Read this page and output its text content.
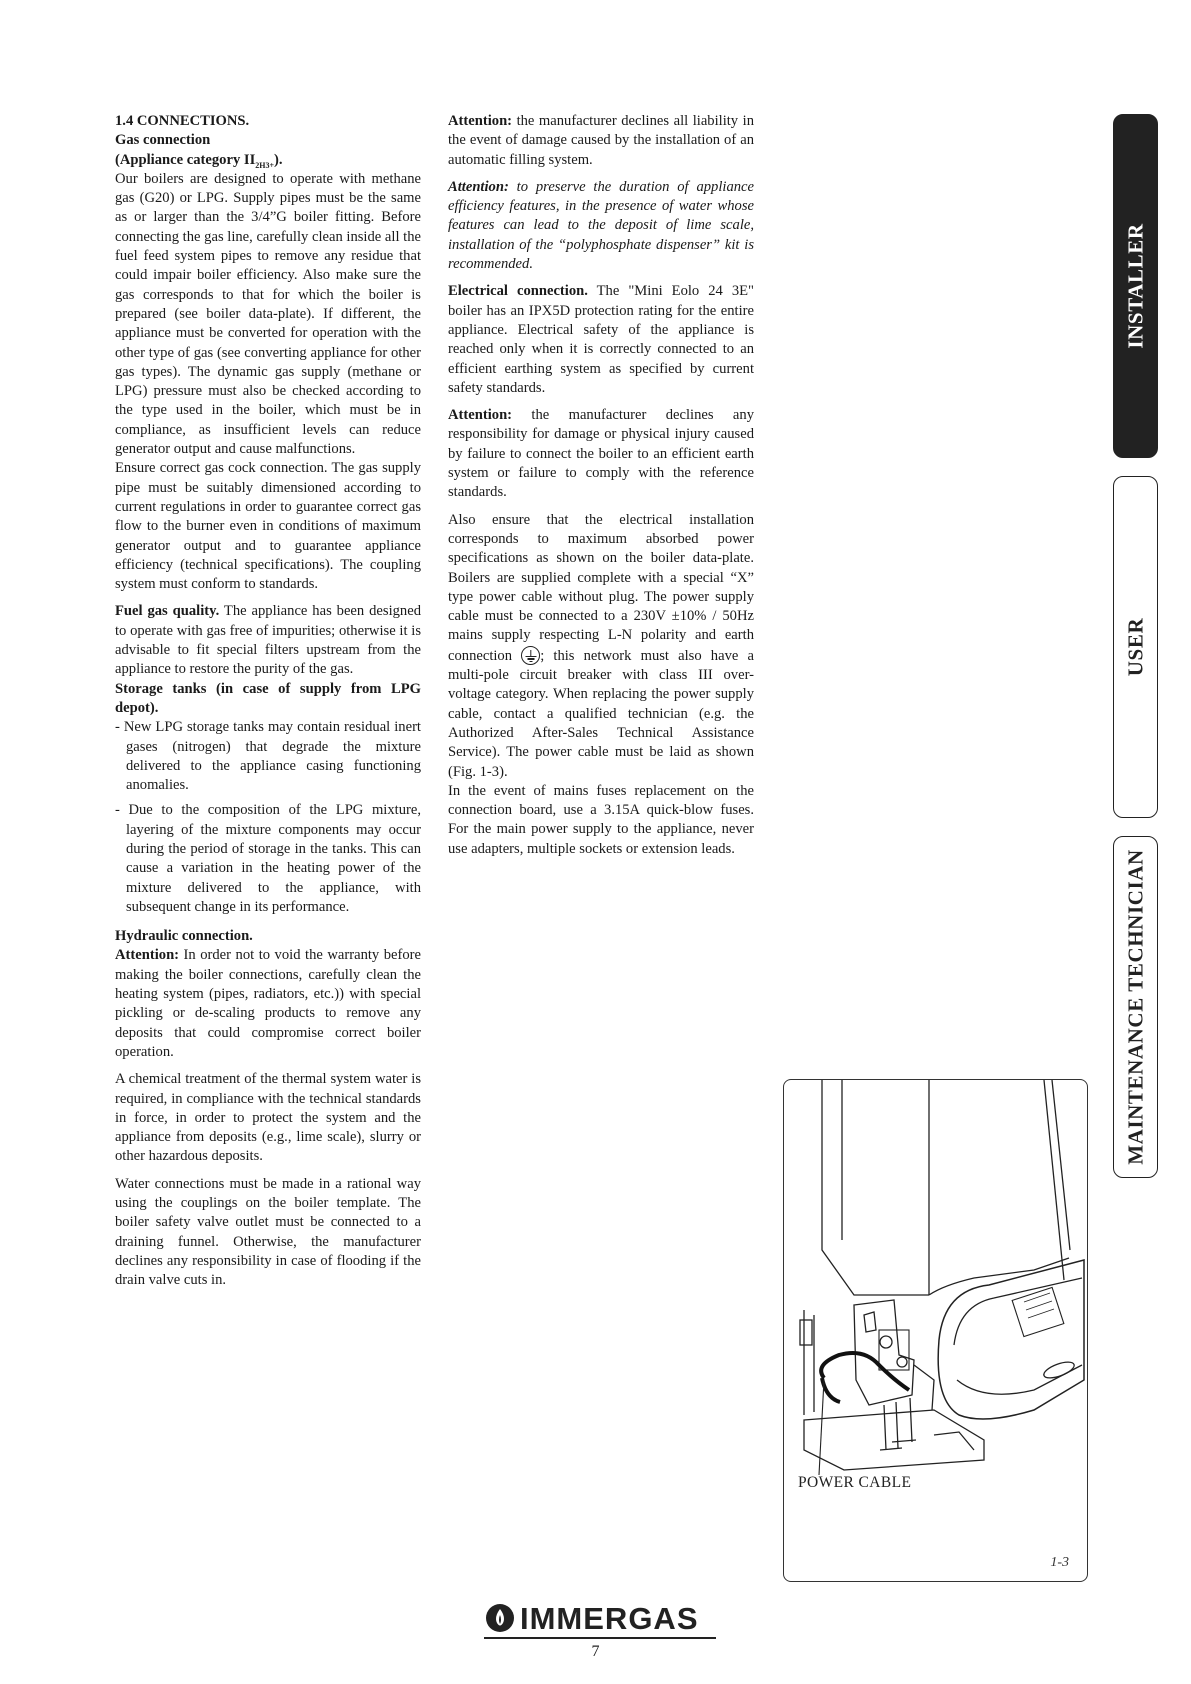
1.4 CONNECTIONS.
Gas connection
(Appliance category $II_{2H3+}$).

Our boilers are designed to operate with methane gas (G20) or LPG. Supply pipes must be the same as or larger than the 3/4”G boiler fitting. Before connecting the gas line, carefully clean inside all the fuel feed system pipes to remove any residue that could impair boiler efficiency. Also make sure the gas corresponds to that for which the boiler is prepared (see boiler data-plate). If different, the appliance must be converted for operation with the other type of gas (see converting appliance for other gas types). The dynamic gas supply (methane or LPG) pressure must also be checked according to the type used in the boiler, which must be in compliance, as insufficient levels can reduce generator output and cause malfunctions.

Ensure correct gas cock connection. The gas supply pipe must be suitably dimensioned according to current regulations in order to guarantee correct gas flow to the burner even in conditions of maximum generator output and to guarantee appliance efficiency (technical specifications). The coupling system must conform to standards.

Fuel gas quality. The appliance has been designed to operate with gas free of impurities; otherwise it is advisable to fit special filters upstream from the appliance to restore the purity of the gas.

Storage tanks (in case of supply from LPG depot).

- New LPG storage tanks may contain residual inert gases (nitrogen) that degrade the mixture delivered to the appliance casing functioning anomalies.

- Due to the composition of the LPG mixture, layering of the mixture components may occur during the period of storage in the tanks. This can cause a variation in the heating power of the mixture delivered to the appliance, with subsequent change in its performance.

Hydraulic connection.

Attention: In order not to void the warranty before making the boiler connections, carefully clean the heating system (pipes, radiators, etc.)) with special pickling or de-scaling products to remove any deposits that could compromise correct boiler operation.

A chemical treatment of the thermal system water is required, in compliance with the technical standards in force, in order to protect the system and the appliance from deposits (e.g., lime scale), slurry or other hazardous deposits.

Water connections must be made in a rational way using the couplings on the boiler template. The boiler safety valve outlet must be connected to a draining funnel. Otherwise, the manufacturer declines any responsibility in case of flooding if the drain valve cuts in.

Attention: the manufacturer declines all liability in the event of damage caused by the installation of an automatic filling system.

Attention: to preserve the duration of appliance efficiency features, in the presence of water whose features can lead to the deposit of lime scale, installation of the “polyphosphate dispenser” kit is recommended.

Electrical connection. The "Mini Eolo 24 3E" boiler has an IPX5D protection rating for the entire appliance. Electrical safety of the appliance is reached only when it is correctly connected to an efficient earthing system as specified by current safety standards.

Attention: the manufacturer declines any responsibility for damage or physical injury caused by failure to connect the boiler to an efficient earth system or failure to comply with the reference standards.

Also ensure that the electrical installation corresponds to maximum absorbed power specifications as shown on the boiler data-plate. Boilers are supplied complete with a special “X” type power cable without plug. The power supply cable must be connected to a 230V ±10% / 50Hz mains supply respecting L-N polarity and earth connection
; this network must also have a multi-pole circuit breaker with class III over-voltage category. When replacing the power supply cable, contact a qualified technician (e.g. the Authorized After-Sales Technical Assistance Service). The power cable must be laid as shown (Fig. 1-3).

In the event of mains fuses replacement on the connection board, use a 3.15A quick-blow fuses. For the main power supply to the appliance, never use adapters, multiple sockets or extension leads.

INSTALLER
USER
MAINTENANCE TECHNICIAN
POWER CABLE
1-3
IMMERGAS
7
